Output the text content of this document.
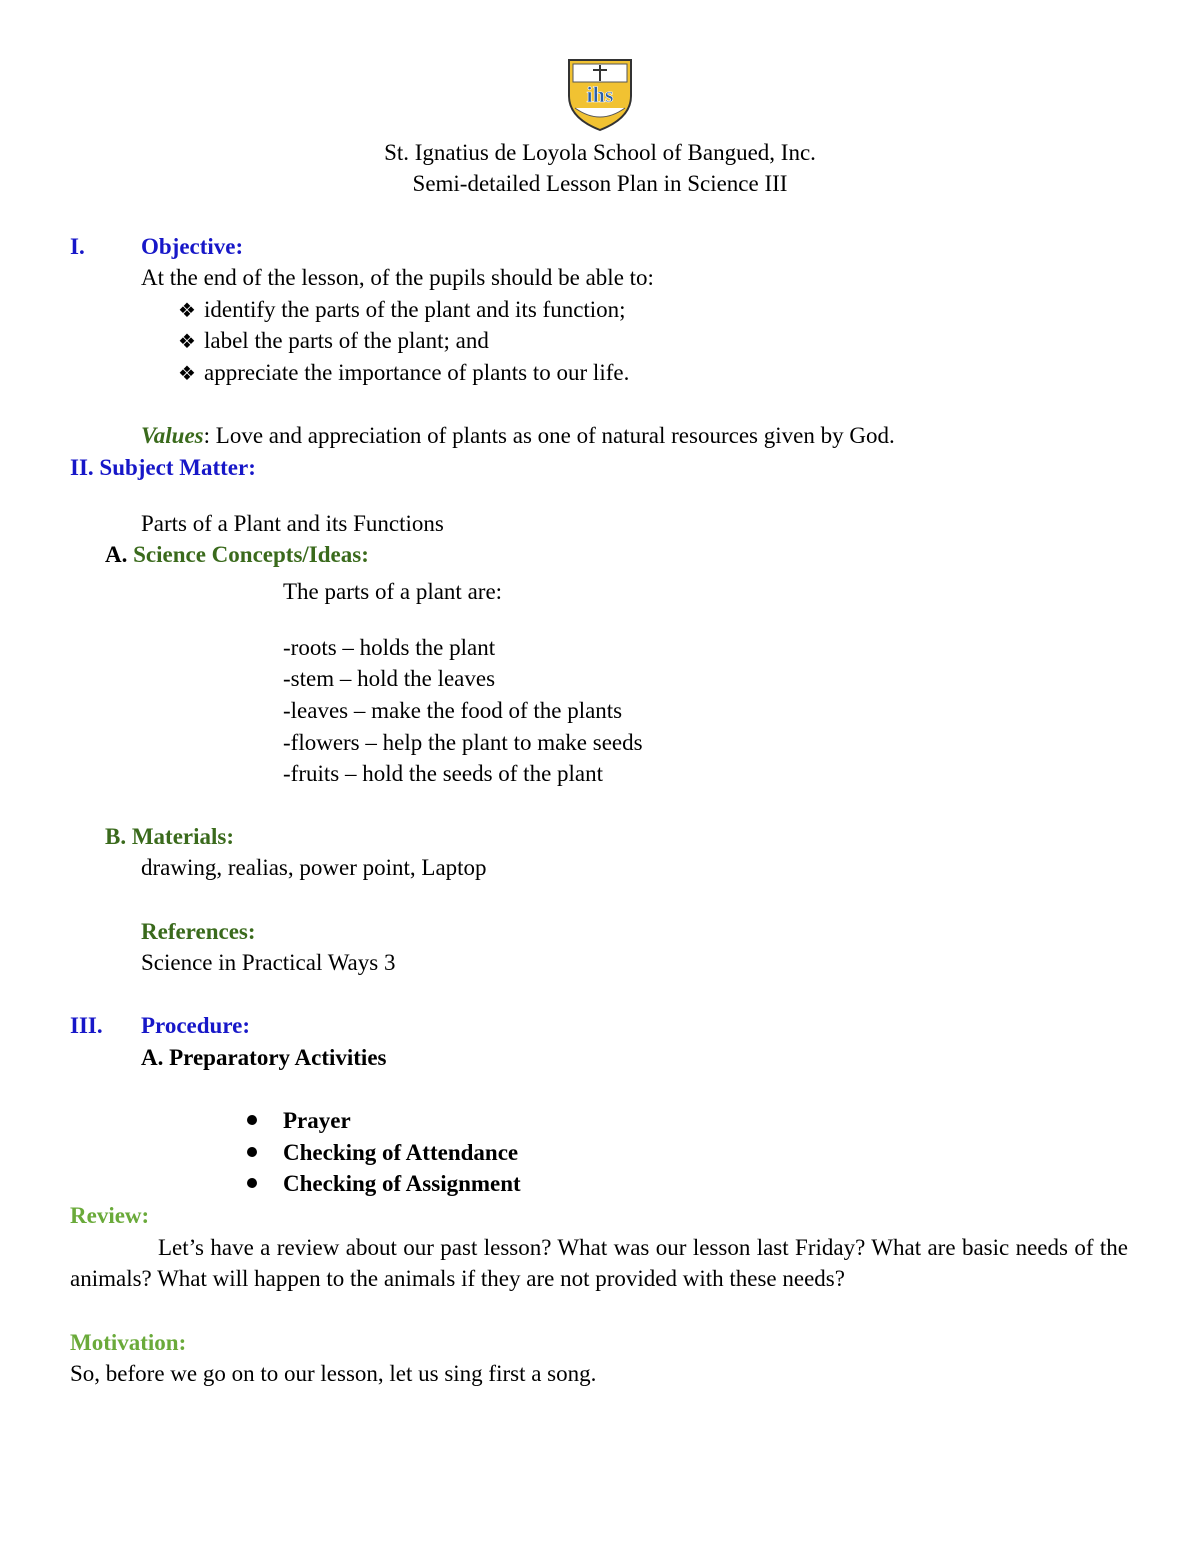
ihs
St. Ignatius de Loyola School of Bangued, Inc.
Semi-detailed Lesson Plan in Science III
I. Objective:
At the end of the lesson, of the pupils should be able to:
❖ identify the parts of the plant and its function;
❖ label the parts of the plant; and
❖ appreciate the importance of plants to our life.
Values: Love and appreciation of plants as one of natural resources given by God.
II. Subject Matter:
Parts of a Plant and its Functions
A. Science Concepts/Ideas:
The parts of a plant are:
-roots – holds the plant
-stem – hold the leaves
-leaves – make the food of the plants
-flowers – help the plant to make seeds
-fruits – hold the seeds of the plant
B. Materials:
drawing, realias, power point, Laptop
References:
Science in Practical Ways 3
III. Procedure:
A. Preparatory Activities
Prayer
Checking of Attendance
Checking of Assignment
Review:
Let’s have a review about our past lesson? What was our lesson last Friday? What are basic needs of the animals? What will happen to the animals if they are not provided with these needs?
Motivation:
So, before we go on to our lesson, let us sing first a song.
